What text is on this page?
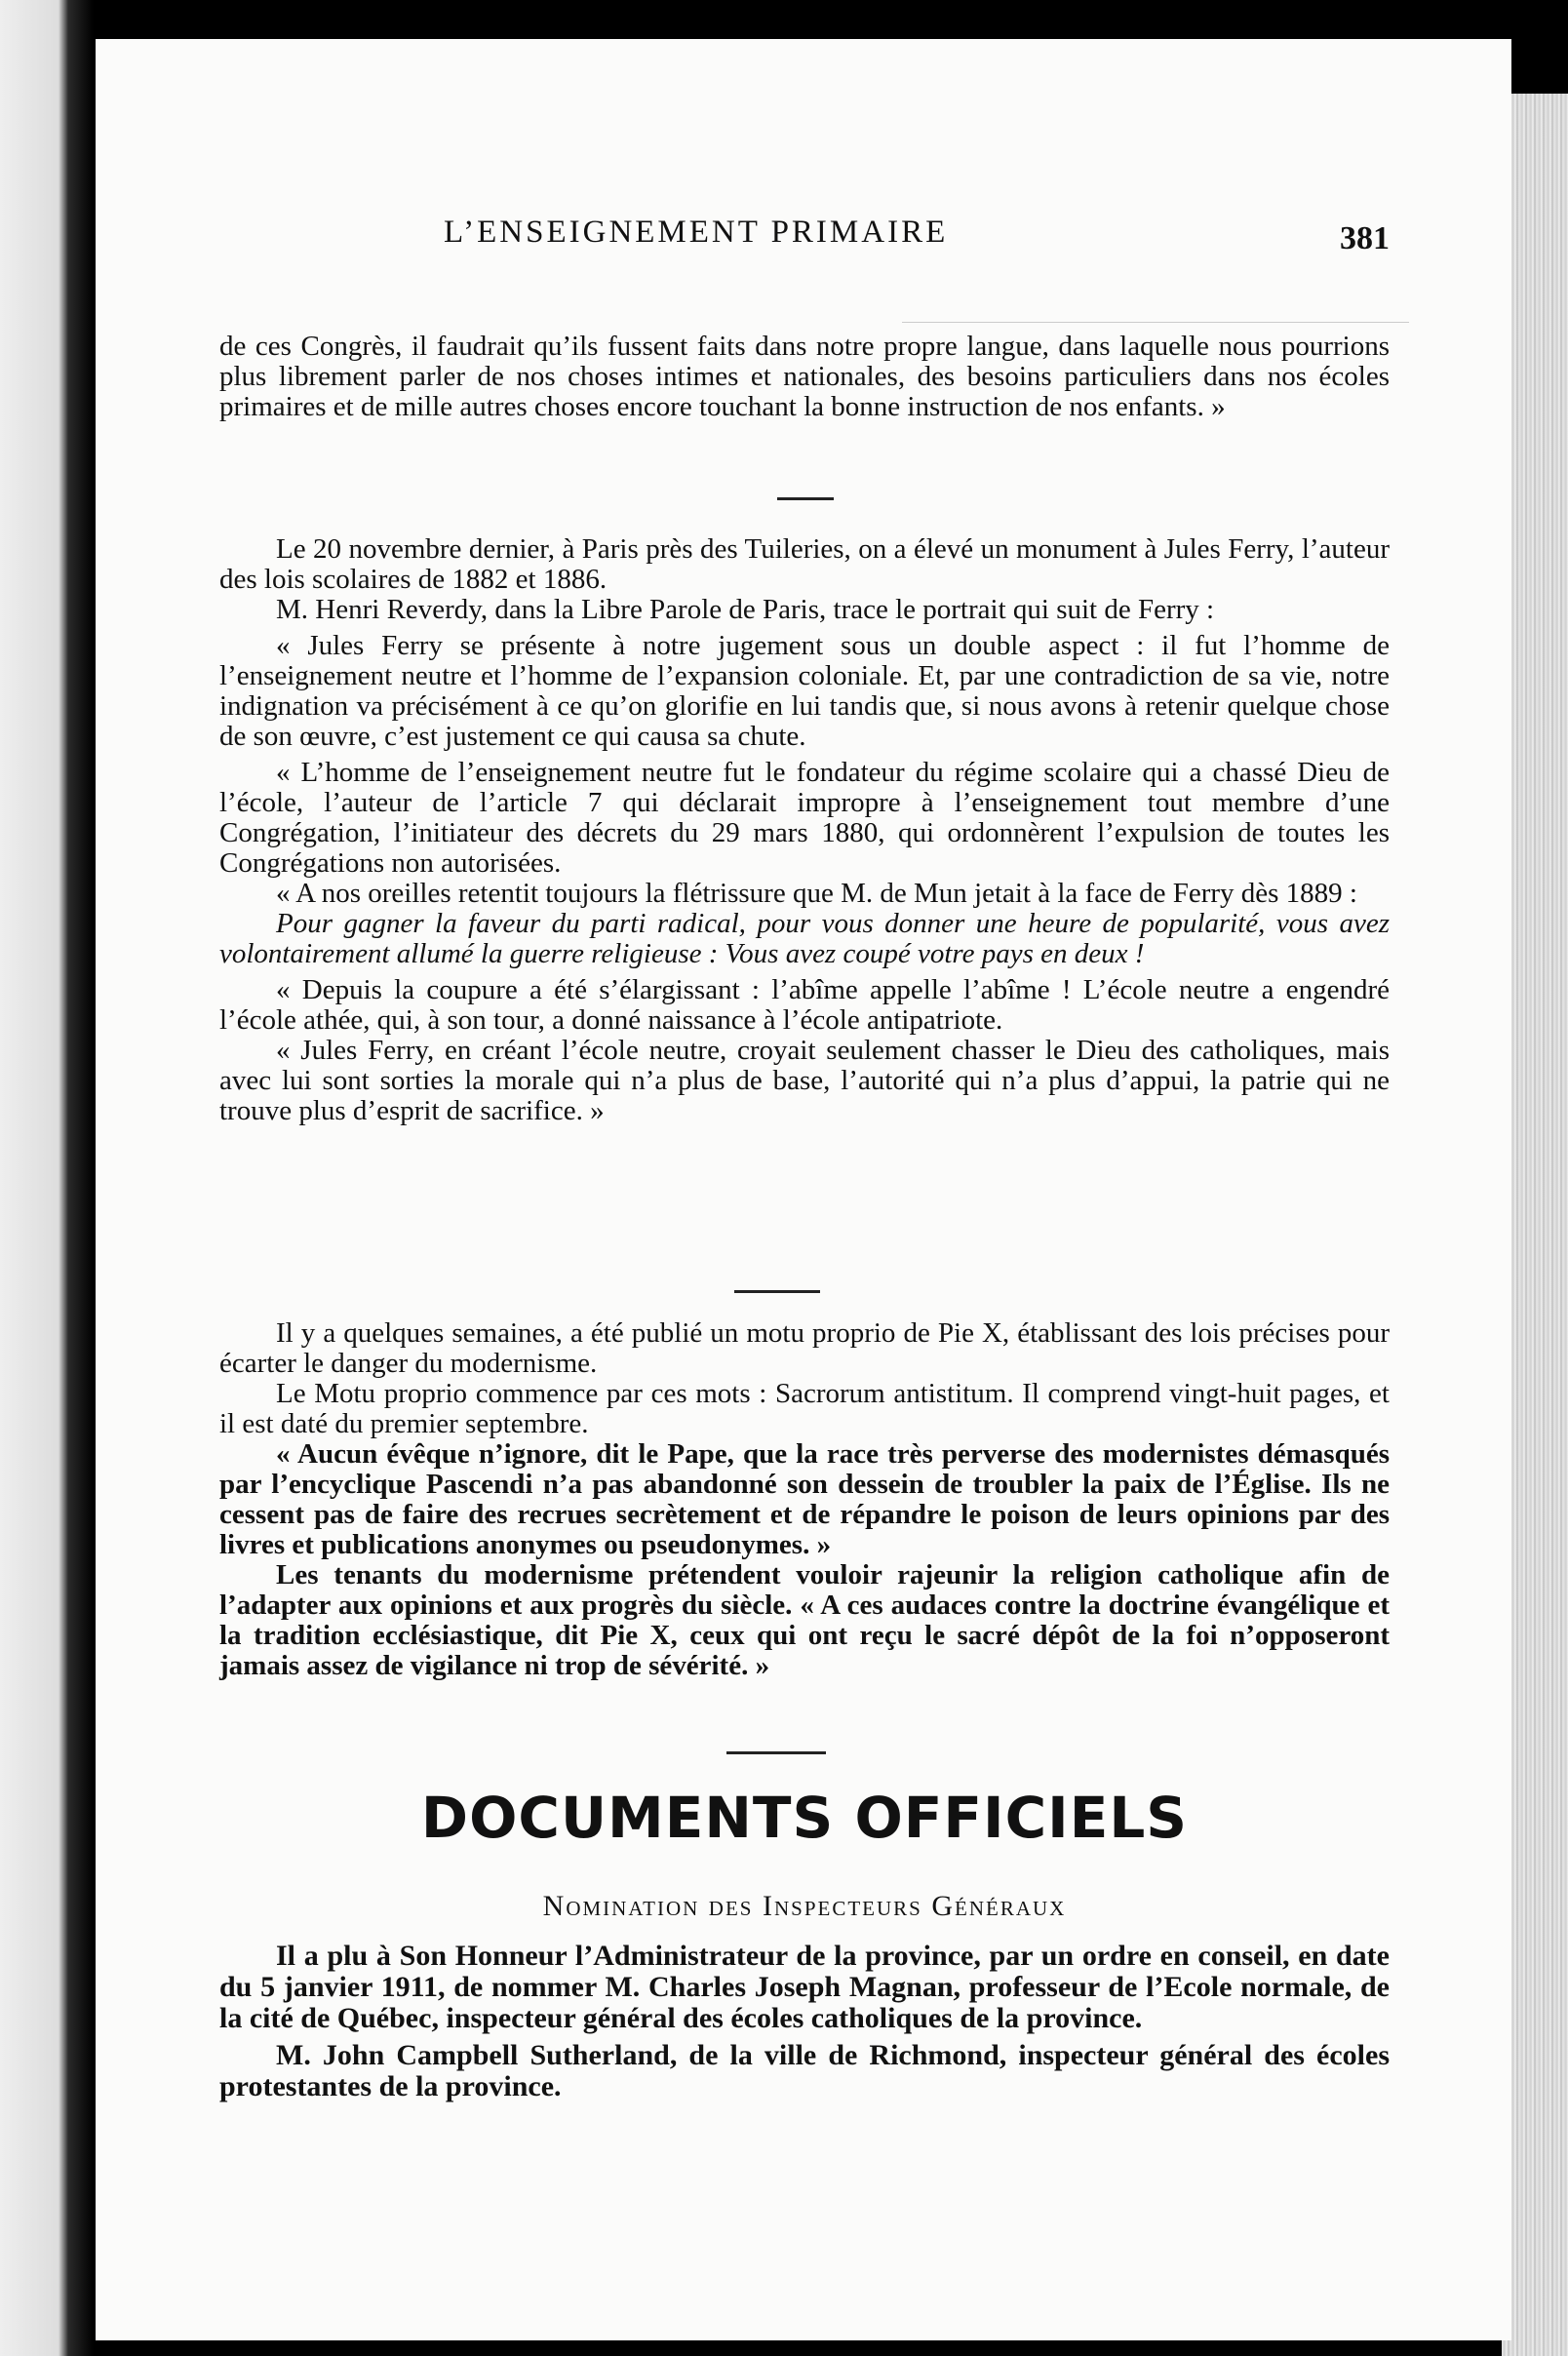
L’ENSEIGNEMENT PRIMAIRE	381

de ces Congrès, il faudrait qu’ils fussent faits dans notre propre langue, dans laquelle nous pourrions plus librement parler de nos choses intimes et nationales, des besoins particuliers dans nos écoles primaires et de mille autres choses encore touchant la bonne instruction de nos enfants. »

Le 20 novembre dernier, à Paris près des Tuileries, on a élevé un monument à Jules Ferry, l’auteur des lois scolaires de 1882 et 1886.

M. Henri Reverdy, dans la Libre Parole de Paris, trace le portrait qui suit de Ferry :

« Jules Ferry se présente à notre jugement sous un double aspect : il fut l’homme de l’enseignement neutre et l’homme de l’expansion coloniale. Et, par une contradiction de sa vie, notre indignation va précisément à ce qu’on glorifie en lui tandis que, si nous avons à retenir quelque chose de son œuvre, c’est justement ce qui causa sa chute.

« L’homme de l’enseignement neutre fut le fondateur du régime scolaire qui a chassé Dieu de l’école, l’auteur de l’article 7 qui déclarait impropre à l’enseignement tout membre d’une Congrégation, l’initiateur des décrets du 29 mars 1880, qui ordonnèrent l’expulsion de toutes les Congrégations non autorisées.

« A nos oreilles retentit toujours la flétrissure que M. de Mun jetait à la face de Ferry dès 1889 :

Pour gagner la faveur du parti radical, pour vous donner une heure de popularité, vous avez volontairement allumé la guerre religieuse : Vous avez coupé votre pays en deux !

« Depuis la coupure a été s’élargissant : l’abîme appelle l’abîme ! L’école neutre a engendré l’école athée, qui, à son tour, a donné naissance à l’école antipatriote.

« Jules Ferry, en créant l’école neutre, croyait seulement chasser le Dieu des catholiques, mais avec lui sont sorties la morale qui n’a plus de base, l’autorité qui n’a plus d’appui, la patrie qui ne trouve plus d’esprit de sacrifice. »

Il y a quelques semaines, a été publié un motu proprio de Pie X, établissant des lois précises pour écarter le danger du modernisme.

Le Motu proprio commence par ces mots : Sacrorum antistitum. Il comprend vingt-huit pages, et il est daté du premier septembre.

« Aucun évêque n’ignore, dit le Pape, que la race très perverse des modernistes démasqués par l’encyclique Pascendi n’a pas abandonné son dessein de troubler la paix de l’Église. Ils ne cessent pas de faire des recrues secrètement et de répandre le poison de leurs opinions par des livres et publications anonymes ou pseudonymes. »

Les tenants du modernisme prétendent vouloir rajeunir la religion catholique afin de l’adapter aux opinions et aux progrès du siècle. « A ces audaces contre la doctrine évangélique et la tradition ecclésiastique, dit Pie X, ceux qui ont reçu le sacré dépôt de la foi n’opposeront jamais assez de vigilance ni trop de sévérité. »

DOCUMENTS OFFICIELS
Nomination des Inspecteurs Généraux

Il a plu à Son Honneur l’Administrateur de la province, par un ordre en conseil, en date du 5 janvier 1911, de nommer M. Charles Joseph Magnan, professeur de l’Ecole normale, de la cité de Québec, inspecteur général des écoles catholiques de la province.

M. John Campbell Sutherland, de la ville de Richmond, inspecteur général des écoles protestantes de la province.
